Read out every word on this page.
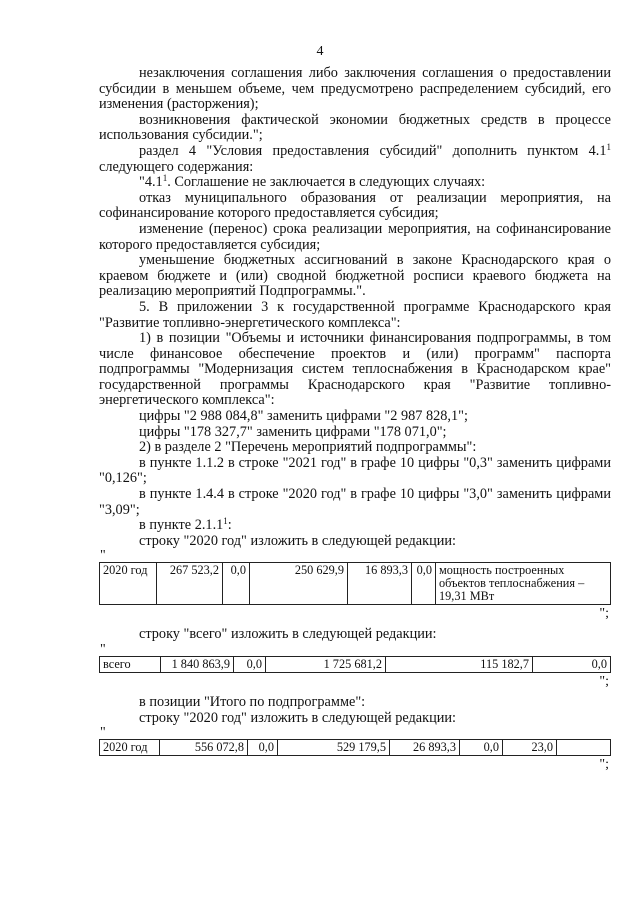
4

незаключения соглашения либо заключения соглашения о предоставлении субсидии в меньшем объеме, чем предусмотрено распределением субсидий, его изменения (расторжения);

возникновения фактической экономии бюджетных средств в процессе использования субсидии.";

раздел 4 "Условия предоставления субсидий" дополнить пунктом $4.1^1$ следующего содержания:

"$4.1^1$. Соглашение не заключается в следующих случаях:

отказ муниципального образования от реализации мероприятия, на софинансирование которого предоставляется субсидия;

изменение (перенос) срока реализации мероприятия, на софинансирование которого предоставляется субсидия;

уменьшение бюджетных ассигнований в законе Краснодарского края о краевом бюджете и (или) сводной бюджетной росписи краевого бюджета на реализацию мероприятий Подпрограммы.".

5. В приложении 3 к государственной программе Краснодарского края "Развитие топливно-энергетического комплекса":

1) в позиции "Объемы и источники финансирования подпрограммы, в том числе финансовое обеспечение проектов и (или) программ" паспорта подпрограммы "Модернизация систем теплоснабжения в Краснодарском крае" государственной программы Краснодарского края "Развитие топливно-энергетического комплекса":

цифры "2 988 084,8" заменить цифрами "2 987 828,1";

цифры "178 327,7" заменить цифрами "178 071,0";

2) в разделе 2 "Перечень мероприятий подпрограммы":

в пункте 1.1.2 в строке "2021 год" в графе 10 цифры "0,3" заменить цифрами "0,126";

в пункте 1.4.4 в строке "2020 год" в графе 10 цифры "3,0" заменить цифрами "3,09";

в пункте 2.1.1$^1$:

строку "2020 год" изложить в следующей редакции:

"
2020 год	267 523,2	0,0	250 629,9	16 893,3	0,0	мощность построенных объектов теплоснабжения – 19,31 МВт
";

строку "всего" изложить в следующей редакции:

"
всего	1 840 863,9	0,0	1 725 681,2	115 182,7	0,0
";

в позиции "Итого по подпрограмме":

строку "2020 год" изложить в следующей редакции:

"
2020 год	556 072,8	0,0	529 179,5	26 893,3	0,0	23,0	
";
